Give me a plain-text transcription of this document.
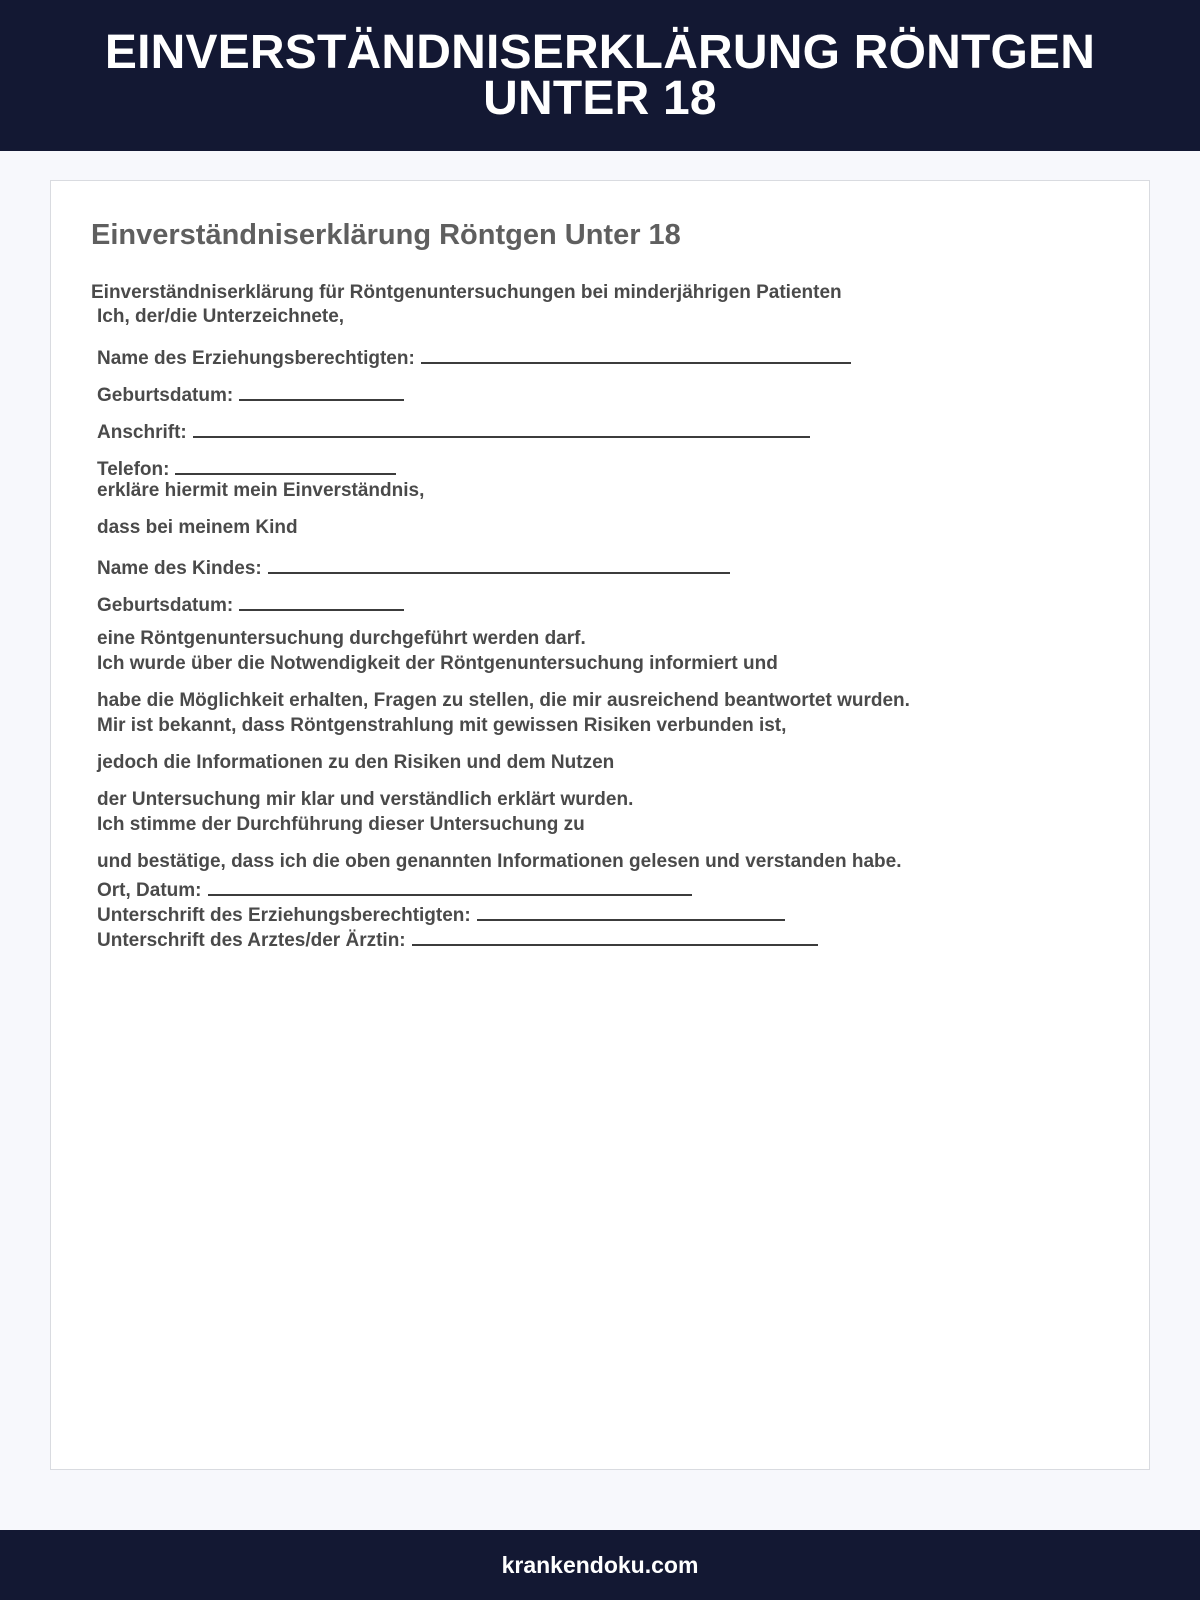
EINVERSTÄNDNISERKLÄRUNG RÖNTGEN UNTER 18
Einverständniserklärung Röntgen Unter 18

Einverständniserklärung für Röntgenuntersuchungen bei minderjährigen Patienten

Ich, der/die Unterzeichnete,

Name des Erziehungsberechtigten:

Geburtsdatum:

Anschrift:

Telefon:

erkläre hiermit mein Einverständnis,

dass bei meinem Kind

Name des Kindes:

Geburtsdatum:

eine Röntgenuntersuchung durchgeführt werden darf.

Ich wurde über die Notwendigkeit der Röntgenuntersuchung informiert und

habe die Möglichkeit erhalten, Fragen zu stellen, die mir ausreichend beantwortet wurden.

Mir ist bekannt, dass Röntgenstrahlung mit gewissen Risiken verbunden ist,

jedoch die Informationen zu den Risiken und dem Nutzen

der Untersuchung mir klar und verständlich erklärt wurden.

Ich stimme der Durchführung dieser Untersuchung zu

und bestätige, dass ich die oben genannten Informationen gelesen und verstanden habe.

Ort, Datum:

Unterschrift des Erziehungsberechtigten:

Unterschrift des Arztes/der Ärztin:

krankendoku.com
